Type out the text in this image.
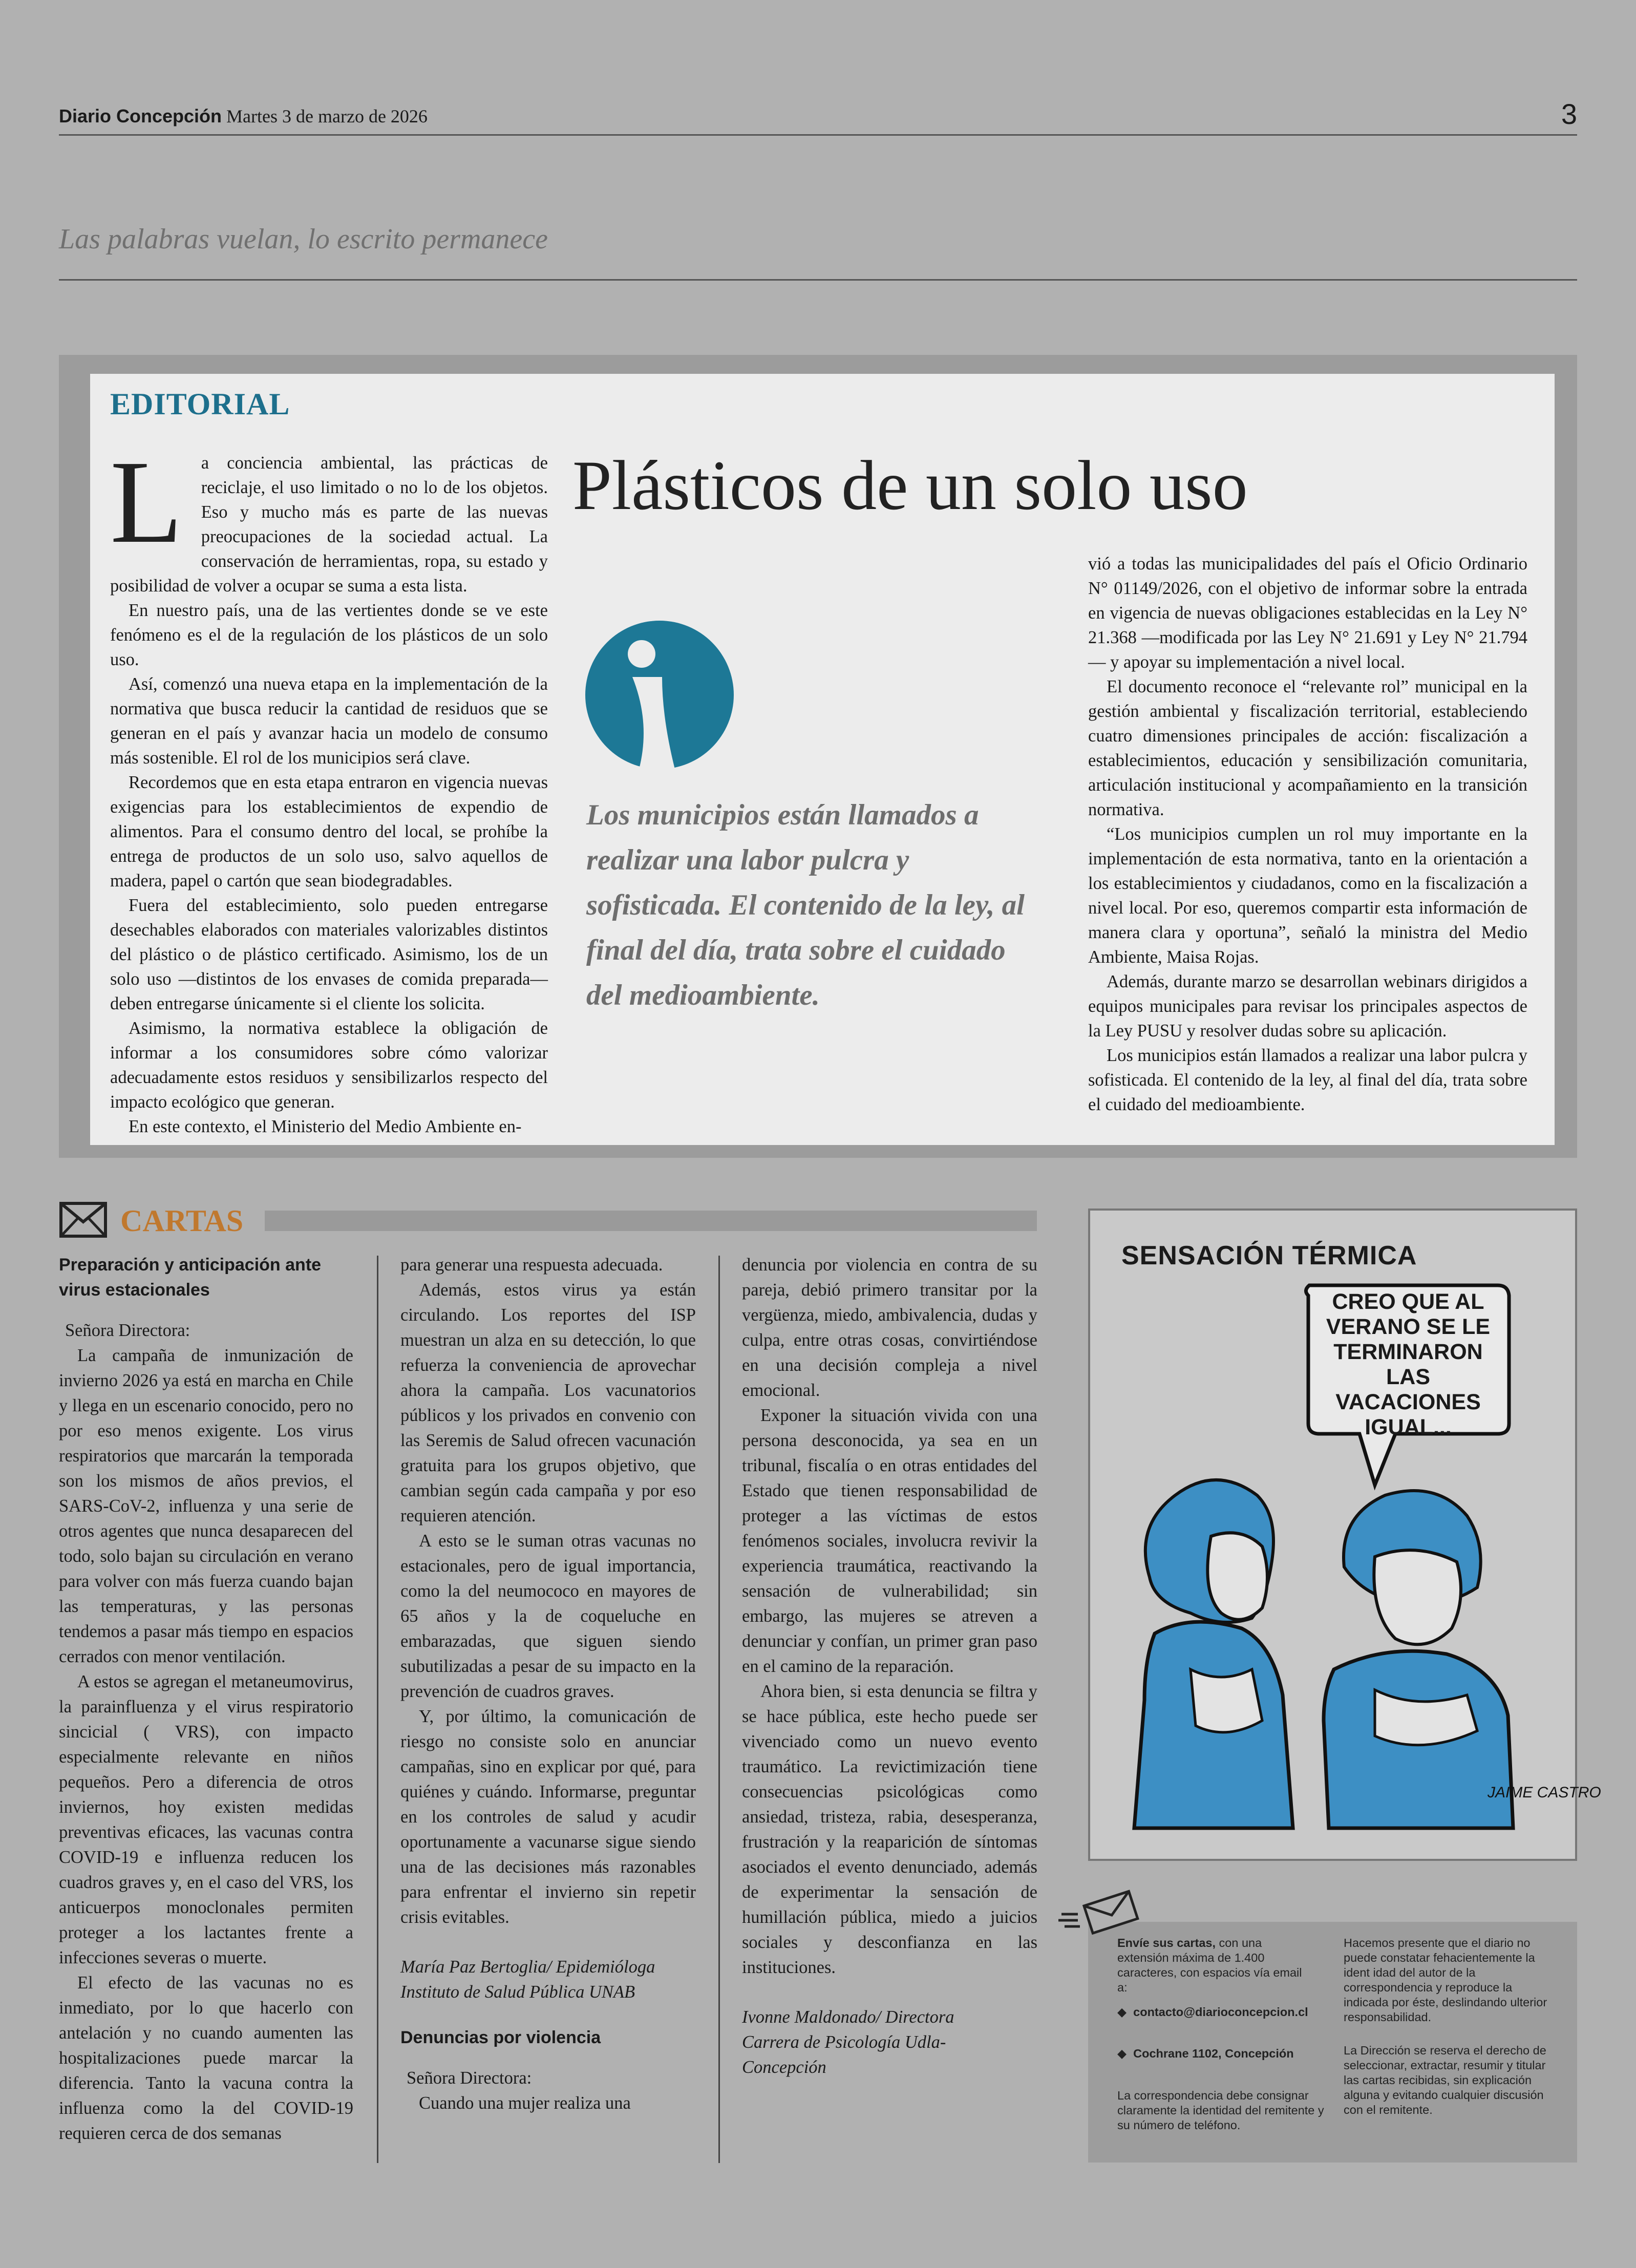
Diario Concepción Martes 3 de marzo de 2026	3
Las palabras vuelan, lo escrito permanece
EDITORIAL
Plásticos de un solo uso
L	a conciencia ambiental, las prácticas de reciclaje, el uso limitado o no lo de los objetos. Eso y mucho más es parte de las nuevas preocupaciones de la sociedad actual. La conservación de herramientas, ropa, su estado y posibilidad de volver a ocupar se suma a esta lista.

En nuestro país, una de las vertientes donde se ve este fenómeno es el de la regulación de los plásticos de un solo uso.

Así, comenzó una nueva etapa en la implementación de la normativa que busca reducir la cantidad de residuos que se generan en el país y avanzar hacia un modelo de consumo más sostenible. El rol de los municipios será clave.

Recordemos que en esta etapa entraron en vigencia nuevas exigencias para los establecimientos de expendio de alimentos. Para el consumo dentro del local, se prohíbe la entrega de productos de un solo uso, salvo aquellos de madera, papel o cartón que sean biodegradables.

Fuera del establecimiento, solo pueden entregarse desechables elaborados con materiales valorizables distintos del plástico o de plástico certificado. Asimismo, los de un solo uso —distintos de los envases de comida preparada— deben entregarse únicamente si el cliente los solicita.

Asimismo, la normativa establece la obligación de informar a los consumidores sobre cómo valorizar adecuadamente estos residuos y sensibilizarlos respecto del impacto ecológico que generan.

En este contexto, el Ministerio del Medio Ambiente en-

Los municipios están llamados a realizar una labor pulcra y sofisticada. El contenido de la ley, al final del día, trata sobre el cuidado del medioambiente.

vió a todas las municipalidades del país el Oficio Ordinario N° 01149/2026, con el objetivo de informar sobre la entrada en vigencia de nuevas obligaciones establecidas en la Ley N° 21.368 —modificada por las Ley N° 21.691 y Ley N° 21.794— y apoyar su implementación a nivel local.

El documento reconoce el “relevante rol” municipal en la gestión ambiental y fiscalización territorial, estableciendo cuatro dimensiones principales de acción: fiscalización a establecimientos, educación y sensibilización comunitaria, articulación institucional y acompañamiento en la transición normativa.

“Los municipios cumplen un rol muy importante en la implementación de esta normativa, tanto en la orientación a los establecimientos y ciudadanos, como en la fiscalización a nivel local. Por eso, queremos compartir esta información de manera clara y oportuna”, señaló la ministra del Medio Ambiente, Maisa Rojas.

Además, durante marzo se desarrollan webinars dirigidos a equipos municipales para revisar los principales aspectos de la Ley PUSU y resolver dudas sobre su aplicación.

Los municipios están llamados a realizar una labor pulcra y sofisticada. El contenido de la ley, al final del día, trata sobre el cuidado del medioambiente.

CARTAS

Preparación y anticipación ante virus estacionales

Señora Directora:

La campaña de inmunización de invierno 2026 ya está en marcha en Chile y llega en un escenario conocido, pero no por eso menos exigente. Los virus respiratorios que marcarán la temporada son los mismos de años previos, el SARS-CoV-2, influenza y una serie de otros agentes que nunca desaparecen del todo, solo bajan su circulación en verano para volver con más fuerza cuando bajan las temperaturas, y las personas tendemos a pasar más tiempo en espacios cerrados con menor ventilación.

A estos se agregan el metaneumovirus, la parainfluenza y el virus respiratorio sincicial ( VRS), con impacto especialmente relevante en niños pequeños. Pero a diferencia de otros inviernos, hoy existen medidas preventivas eficaces, las vacunas contra COVID-19 e influenza reducen los cuadros graves y, en el caso del VRS, los anticuerpos monoclonales permiten proteger a los lactantes frente a infecciones severas o muerte.

El efecto de las vacunas no es inmediato, por lo que hacerlo con antelación y no cuando aumenten las hospitalizaciones puede marcar la diferencia. Tanto la vacuna contra la influenza como la del COVID-19 requieren cerca de dos semanas

para generar una respuesta adecuada.

Además, estos virus ya están circulando. Los reportes del ISP muestran un alza en su detección, lo que refuerza la conveniencia de aprovechar ahora la campaña. Los vacunatorios públicos y los privados en convenio con las Seremis de Salud ofrecen vacunación gratuita para los grupos objetivo, que cambian según cada campaña y por eso requieren atención.

A esto se le suman otras vacunas no estacionales, pero de igual importancia, como la del neumococo en mayores de 65 años y la de coqueluche en embarazadas, que siguen siendo subutilizadas a pesar de su impacto en la prevención de cuadros graves.

Y, por último, la comunicación de riesgo no consiste solo en anunciar campañas, sino en explicar por qué, para quiénes y cuándo. Informarse, preguntar en los controles de salud y acudir oportunamente a vacunarse sigue siendo una de las decisiones más razonables para enfrentar el invierno sin repetir crisis evitables.

María Paz Bertoglia/ Epidemióloga
Instituto de Salud Pública UNAB

Denuncias por violencia

Señora Directora:

Cuando una mujer realiza una

denuncia por violencia en contra de su pareja, debió primero transitar por la vergüenza, miedo, ambivalencia, dudas y culpa, entre otras cosas, convirtiéndose en una decisión compleja a nivel emocional.

Exponer la situación vivida con una persona desconocida, ya sea en un tribunal, fiscalía o en otras entidades del Estado que tienen responsabilidad de proteger a las víctimas de estos fenómenos sociales, involucra revivir la experiencia traumática, reactivando la sensación de vulnerabilidad; sin embargo, las mujeres se atreven a denunciar y confían, un primer gran paso en el camino de la reparación.

Ahora bien, si esta denuncia se filtra y se hace pública, este hecho puede ser vivenciado como un nuevo evento traumático. La revictimización tiene consecuencias psicológicas como ansiedad, tristeza, rabia, desesperanza, frustración y la reaparición de síntomas asociados el evento denunciado, además de experimentar la sensación de humillación pública, miedo a juicios sociales y desconfianza en las instituciones.

Ivonne Maldonado/ Directora
Carrera de Psicología Udla-
Concepción

SENSACIÓN TÉRMICA
JAIME CASTRO
CREO QUE AL VERANO SE LE TERMINARON LAS VACACIONES IGUAL...
Envíe sus cartas, con una extensión máxima de 1.400 caracteres, con espacios vía email a:
◆ contacto@diarioconcepcion.cl
◆ Cochrane 1102, Concepción
La correspondencia debe consignar claramente la identidad del remitente y su número de teléfono.
Hacemos presente que el diario no puede constatar fehacientemente la ident idad del autor de la correspondencia y reproduce la indicada por éste, deslindando ulterior responsabilidad.
La Dirección se reserva el derecho de seleccionar, extractar, resumir y titular las cartas recibidas, sin explicación alguna y evitando cualquier discusión con el remitente.
